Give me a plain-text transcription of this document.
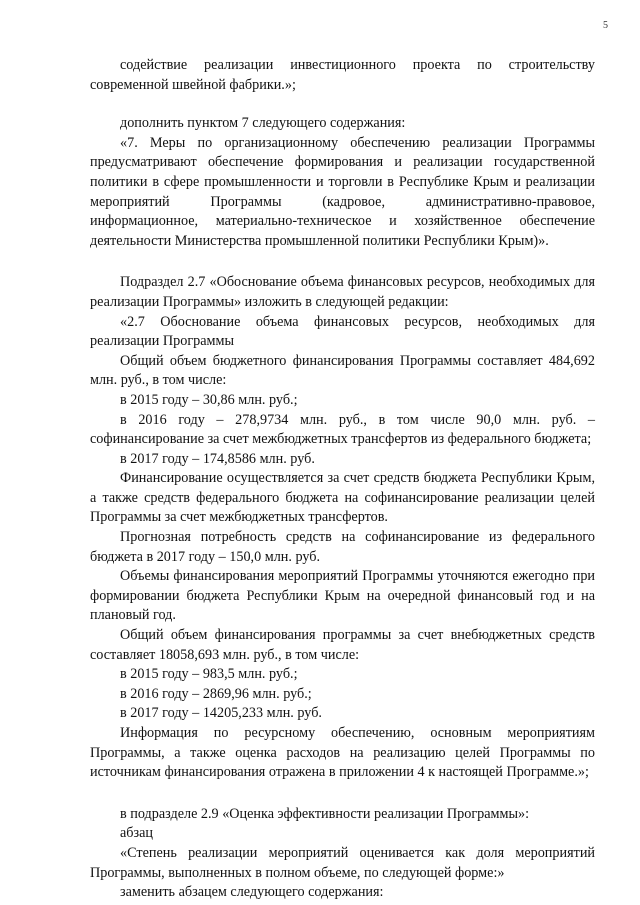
5

содействие реализации инвестиционного проекта по строительству современной швейной фабрики.»;

дополнить пунктом 7 следующего содержания:

«7. Меры по организационному обеспечению реализации Программы предусматривают обеспечение формирования и реализации государственной политики в сфере промышленности и торговли в Республике Крым и реализации мероприятий Программы (кадровое, административно-правовое, информационное, материально-техническое и хозяйственное обеспечение деятельности Министерства промышленной политики Республики Крым)».

Подраздел 2.7 «Обоснование объема финансовых ресурсов, необходимых для реализации Программы» изложить в следующей редакции:

«2.7 Обоснование объема финансовых ресурсов, необходимых для реализации Программы

Общий объем бюджетного финансирования Программы составляет 484,692 млн. руб., в том числе:

в 2015 году – 30,86 млн. руб.;

в 2016 году – 278,9734 млн. руб., в том числе 90,0 млн. руб. – софинансирование за счет межбюджетных трансфертов из федерального бюджета;

в 2017 году – 174,8586 млн. руб.

Финансирование осуществляется за счет средств бюджета Республики Крым, а также средств федерального бюджета на софинансирование реализации целей Программы за счет межбюджетных трансфертов.

Прогнозная потребность средств на софинансирование из федерального бюджета в 2017 году – 150,0 млн. руб.

Объемы финансирования мероприятий Программы уточняются ежегодно при формировании бюджета Республики Крым на очередной финансовый год и на плановый год.

Общий объем финансирования программы за счет внебюджетных средств составляет 18058,693 млн. руб., в том числе:

в 2015 году – 983,5 млн. руб.;

в 2016 году – 2869,96 млн. руб.;

в 2017 году – 14205,233 млн. руб.

Информация по ресурсному обеспечению, основным мероприятиям Программы, а также оценка расходов на реализацию целей Программы по источникам финансирования отражена в приложении 4 к настоящей Программе.»;

в подразделе 2.9 «Оценка эффективности реализации Программы»:

абзац

«Степень реализации мероприятий оценивается как доля мероприятий Программы, выполненных в полном объеме, по следующей форме:»

заменить абзацем следующего содержания:
